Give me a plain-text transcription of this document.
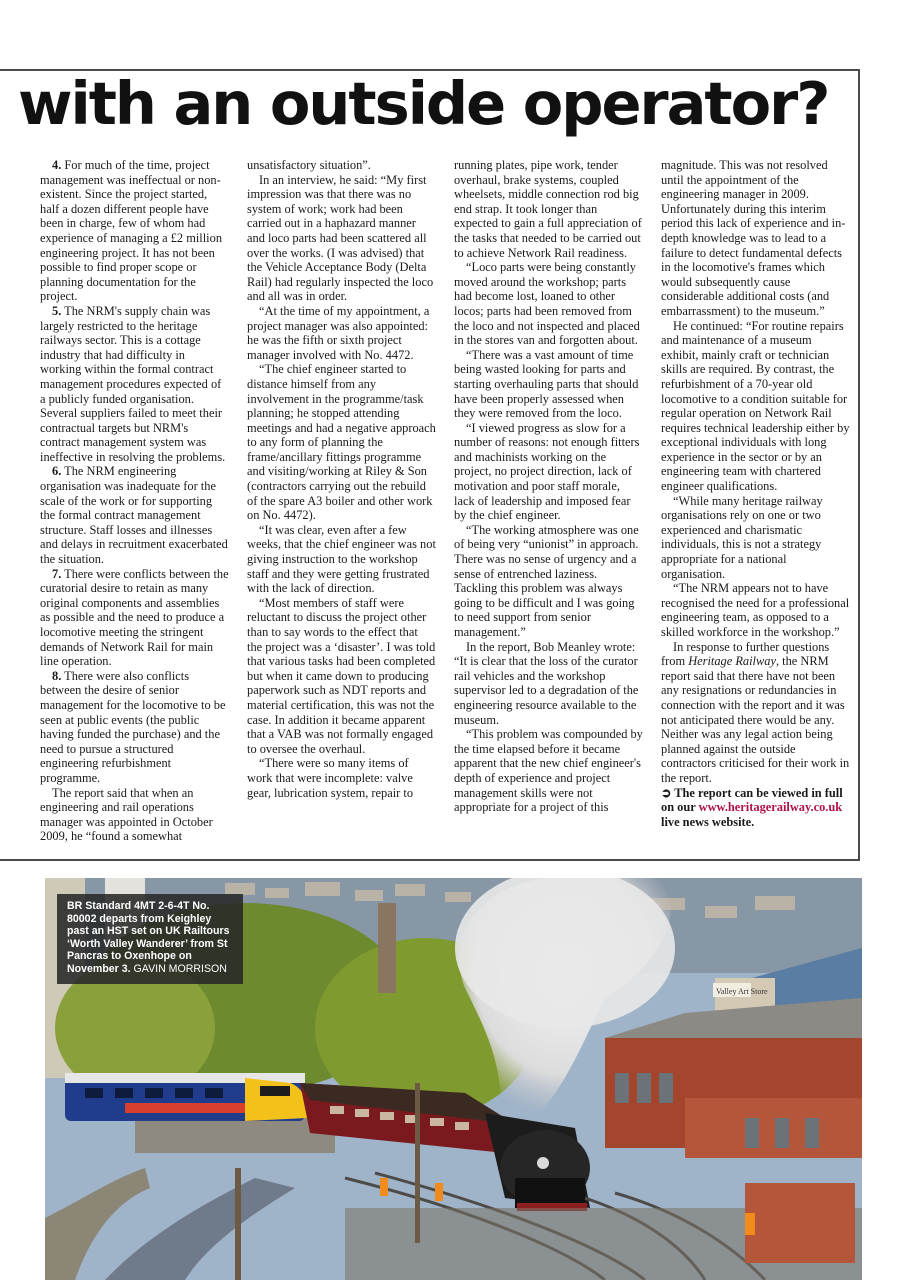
with an outside operator?

4. For much of the time, project management was ineffectual or non-existent. Since the project started, half a dozen different people have been in charge, few of whom had experience of managing a £2 million engineering project. It has not been possible to find proper scope or planning documentation for the project.

5. The NRM's supply chain was largely restricted to the heritage railways sector. This is a cottage industry that had difficulty in working within the formal contract management procedures expected of a publicly funded organisation. Several suppliers failed to meet their contractual targets but NRM's contract management system was ineffective in resolving the problems.

6. The NRM engineering organisation was inadequate for the scale of the work or for supporting the formal contract management structure. Staff losses and illnesses and delays in recruitment exacerbated the situation.

7. There were conflicts between the curatorial desire to retain as many original components and assemblies as possible and the need to produce a locomotive meeting the stringent demands of Network Rail for main line operation.

8. There were also conflicts between the desire of senior management for the locomotive to be seen at public events (the public having funded the purchase) and the need to pursue a structured engineering refurbishment programme.

The report said that when an engineering and rail operations manager was appointed in October 2009, he “found a somewhat

unsatisfactory situation”.

In an interview, he said: “My first impression was that there was no system of work; work had been carried out in a haphazard manner and loco parts had been scattered all over the works. (I was advised) that the Vehicle Acceptance Body (Delta Rail) had regularly inspected the loco and all was in order.

“At the time of my appointment, a project manager was also appointed: he was the fifth or sixth project manager involved with No. 4472.

“The chief engineer started to distance himself from any involvement in the programme/task planning; he stopped attending meetings and had a negative approach to any form of planning the frame/ancillary fittings programme and visiting/working at Riley & Son (contractors carrying out the rebuild of the spare A3 boiler and other work on No. 4472).

“It was clear, even after a few weeks, that the chief engineer was not giving instruction to the workshop staff and they were getting frustrated with the lack of direction.

“Most members of staff were reluctant to discuss the project other than to say words to the effect that the project was a ‘disaster’. I was told that various tasks had been completed but when it came down to producing paperwork such as NDT reports and material certification, this was not the case. In addition it became apparent that a VAB was not formally engaged to oversee the overhaul.

“There were so many items of work that were incomplete: valve gear, lubrication system, repair to

running plates, pipe work, tender overhaul, brake systems, coupled wheelsets, middle connection rod big end strap. It took longer than expected to gain a full appreciation of the tasks that needed to be carried out to achieve Network Rail readiness.

“Loco parts were being constantly moved around the workshop; parts had become lost, loaned to other locos; parts had been removed from the loco and not inspected and placed in the stores van and forgotten about.

“There was a vast amount of time being wasted looking for parts and starting overhauling parts that should have been properly assessed when they were removed from the loco.

“I viewed progress as slow for a number of reasons: not enough fitters and machinists working on the project, no project direction, lack of motivation and poor staff morale, lack of leadership and imposed fear by the chief engineer.

“The working atmosphere was one of being very “unionist” in approach. There was no sense of urgency and a sense of entrenched laziness. Tackling this problem was always going to be difficult and I was going to need support from senior management.”

In the report, Bob Meanley wrote: “It is clear that the loss of the curator rail vehicles and the workshop supervisor led to a degradation of the engineering resource available to the museum.

“This problem was compounded by the time elapsed before it became apparent that the new chief engineer's depth of experience and project management skills were not appropriate for a project of this

magnitude. This was not resolved until the appointment of the engineering manager in 2009. Unfortunately during this interim period this lack of experience and in-depth knowledge was to lead to a failure to detect fundamental defects in the locomotive's frames which would subsequently cause considerable additional costs (and embarrassment) to the museum.”

He continued: “For routine repairs and maintenance of a museum exhibit, mainly craft or technician skills are required. By contrast, the refurbishment of a 70-year old locomotive to a condition suitable for regular operation on Network Rail requires technical leadership either by exceptional individuals with long experience in the sector or by an engineering team with chartered engineer qualifications.

“While many heritage railway organisations rely on one or two experienced and charismatic individuals, this is not a strategy appropriate for a national organisation.

“The NRM appears not to have recognised the need for a professional engineering team, as opposed to a skilled workforce in the workshop.”

In response to further questions from Heritage Railway, the NRM report said that there have not been any resignations or redundancies in connection with the report and it was not anticipated there would be any. Neither was any legal action being planned against the outside contractors criticised for their work in the report.

➲ The report can be viewed in full on our www.heritagerailway.co.uk live news website.

Valley Art Store
BR Standard 4MT 2-6-4T No. 80002 departs from Keighley past an HST set on UK Railtours ‘Worth Valley Wanderer’ from St Pancras to Oxenhope on November 3. GAVIN MORRISON
